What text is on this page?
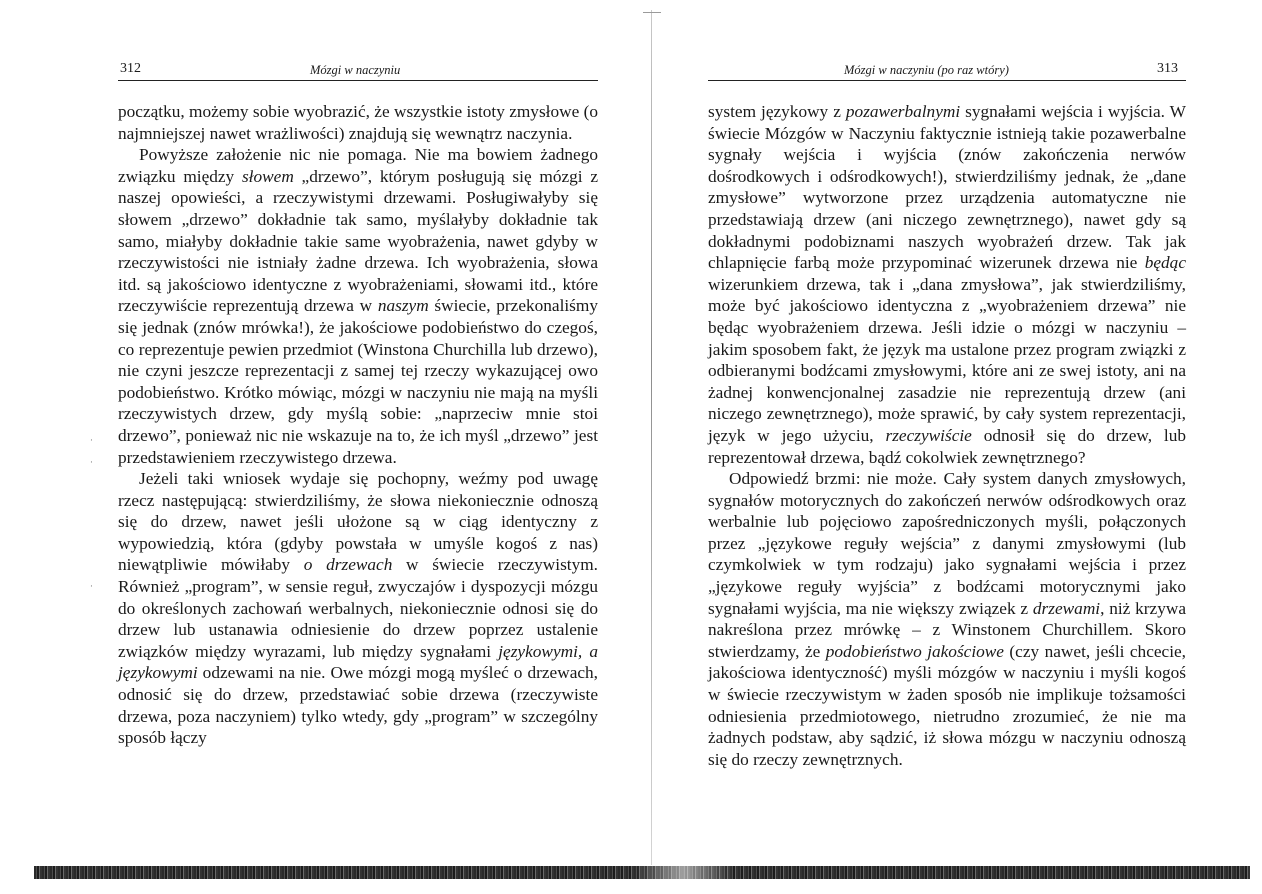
·
·
·
312	Mózgi w naczyniu

początku, możemy sobie wyobrazić, że wszystkie istoty zmysłowe (o najmniejszej nawet wrażliwości) znajdują się wewnątrz naczynia.

Powyższe założenie nic nie pomaga. Nie ma bowiem żadnego związku między słowem „drzewo”, którym posługują się mózgi z naszej opowieści, a rzeczywistymi drzewami. Posługiwałyby się słowem „drzewo” dokładnie tak samo, myślałyby dokładnie tak samo, miałyby dokładnie takie same wyobrażenia, nawet gdyby w rzeczywistości nie istniały żadne drzewa. Ich wyobrażenia, słowa itd. są jakościowo identyczne z wyobrażeniami, słowami itd., które rzeczywiście reprezentują drzewa w naszym świecie, przekonaliśmy się jednak (znów mrówka!), że jakościowe podobieństwo do czegoś, co reprezentuje pewien przedmiot (Winstona Churchilla lub drzewo), nie czyni jeszcze reprezentacji z samej tej rzeczy wykazującej owo podobieństwo. Krótko mówiąc, mózgi w naczyniu nie mają na myśli rzeczywistych drzew, gdy myślą sobie: „naprzeciw mnie stoi drzewo”, ponieważ nic nie wskazuje na to, że ich myśl „drzewo” jest przedstawieniem rzeczywistego drzewa.

Jeżeli taki wniosek wydaje się pochopny, weźmy pod uwagę rzecz następującą: stwierdziliśmy, że słowa niekoniecznie odnoszą się do drzew, nawet jeśli ułożone są w ciąg identyczny z wypowiedzią, która (gdyby powstała w umyśle kogoś z nas) niewątpliwie mówiłaby o drzewach w świecie rzeczywistym. Również „program”, w sensie reguł, zwyczajów i dyspozycji mózgu do określonych zachowań werbalnych, niekoniecznie odnosi się do drzew lub ustanawia odniesienie do drzew poprzez ustalenie związków między wyrazami, lub między sygnałami językowymi, a językowymi odzewami na nie. Owe mózgi mogą myśleć o drzewach, odnosić się do drzew, przedstawiać sobie drzewa (rzeczywiste drzewa, poza naczyniem) tylko wtedy, gdy „program” w szczególny sposób łączy

Mózgi w naczyniu (po raz wtóry)	313

system językowy z pozawerbalnymi sygnałami wejścia i wyjścia. W świecie Mózgów w Naczyniu faktycznie istnieją takie pozawerbalne sygnały wejścia i wyjścia (znów zakończenia nerwów dośrodkowych i odśrodkowych!), stwierdziliśmy jednak, że „dane zmysłowe” wytworzone przez urządzenia automatyczne nie przedstawiają drzew (ani niczego zewnętrznego), nawet gdy są dokładnymi podobiznami naszych wyobrażeń drzew. Tak jak chlapnięcie farbą może przypominać wizerunek drzewa nie będąc wizerunkiem drzewa, tak i „dana zmysłowa”, jak stwierdziliśmy, może być jakościowo identyczna z „wyobrażeniem drzewa” nie będąc wyobrażeniem drzewa. Jeśli idzie o mózgi w naczyniu – jakim sposobem fakt, że język ma ustalone przez program związki z odbieranymi bodźcami zmysłowymi, które ani ze swej istoty, ani na żadnej konwencjonalnej zasadzie nie reprezentują drzew (ani niczego zewnętrznego), może sprawić, by cały system reprezentacji, język w jego użyciu, rzeczywiście odnosił się do drzew, lub reprezentował drzewa, bądź cokolwiek zewnętrznego?

Odpowiedź brzmi: nie może. Cały system danych zmysłowych, sygnałów motorycznych do zakończeń nerwów odśrodkowych oraz werbalnie lub pojęciowo zapośredniczonych myśli, połączonych przez „językowe reguły wejścia” z danymi zmysłowymi (lub czymkolwiek w tym rodzaju) jako sygnałami wejścia i przez „językowe reguły wyjścia” z bodźcami motorycznymi jako sygnałami wyjścia, ma nie większy związek z drzewami, niż krzywa nakreślona przez mrówkę – z Winstonem Churchillem. Skoro stwierdzamy, że podobieństwo jakościowe (czy nawet, jeśli chcecie, jakościowa identyczność) myśli mózgów w naczyniu i myśli kogoś w świecie rzeczywistym w żaden sposób nie implikuje tożsamości odniesienia przedmiotowego, nietrudno zrozumieć, że nie ma żadnych podstaw, aby sądzić, iż słowa mózgu w naczyniu odnoszą się do rzeczy zewnętrznych.
